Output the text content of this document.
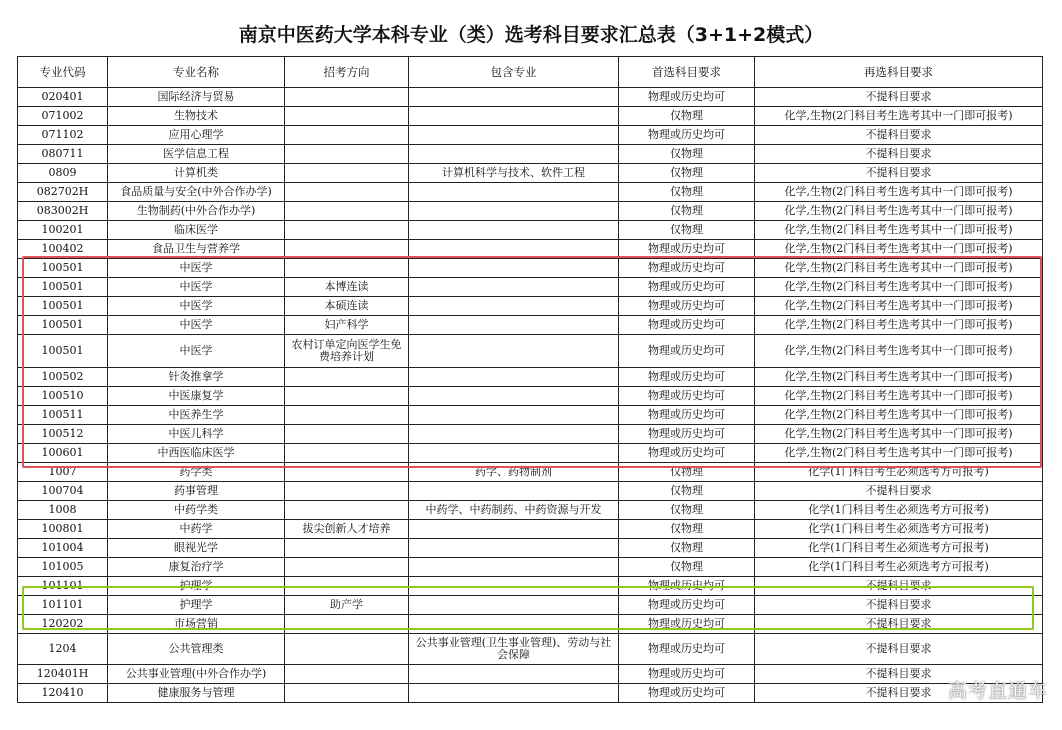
南京中医药大学本科专业（类）选考科目要求汇总表（3+1+2模式）
专业代码	专业名称	招考方向	包含专业	首选科目要求	再选科目要求
020401	国际经济与贸易			物理或历史均可	不提科目要求
071002	生物技术			仅物理	化学,生物(2门科目考生选考其中一门即可报考)
071102	应用心理学			物理或历史均可	不提科目要求
080711	医学信息工程			仅物理	不提科目要求
0809	计算机类		计算机科学与技术、软件工程	仅物理	不提科目要求
082702H	食品质量与安全(中外合作办学)			仅物理	化学,生物(2门科目考生选考其中一门即可报考)
083002H	生物制药(中外合作办学)			仅物理	化学,生物(2门科目考生选考其中一门即可报考)
100201	临床医学			仅物理	化学,生物(2门科目考生选考其中一门即可报考)
100402	食品卫生与营养学			物理或历史均可	化学,生物(2门科目考生选考其中一门即可报考)
100501	中医学			物理或历史均可	化学,生物(2门科目考生选考其中一门即可报考)
100501	中医学	本博连读		物理或历史均可	化学,生物(2门科目考生选考其中一门即可报考)
100501	中医学	本硕连读		物理或历史均可	化学,生物(2门科目考生选考其中一门即可报考)
100501	中医学	妇产科学		物理或历史均可	化学,生物(2门科目考生选考其中一门即可报考)
100501	中医学	农村订单定向医学生免费培养计划		物理或历史均可	化学,生物(2门科目考生选考其中一门即可报考)
100502	针灸推拿学			物理或历史均可	化学,生物(2门科目考生选考其中一门即可报考)
100510	中医康复学			物理或历史均可	化学,生物(2门科目考生选考其中一门即可报考)
100511	中医养生学			物理或历史均可	化学,生物(2门科目考生选考其中一门即可报考)
100512	中医儿科学			物理或历史均可	化学,生物(2门科目考生选考其中一门即可报考)
100601	中西医临床医学			物理或历史均可	化学,生物(2门科目考生选考其中一门即可报考)
1007	药学类		药学、药物制剂	仅物理	化学(1门科目考生必须选考方可报考)
100704	药事管理			仅物理	不提科目要求
1008	中药学类		中药学、中药制药、中药资源与开发	仅物理	化学(1门科目考生必须选考方可报考)
100801	中药学	拔尖创新人才培养		仅物理	化学(1门科目考生必须选考方可报考)
101004	眼视光学			仅物理	化学(1门科目考生必须选考方可报考)
101005	康复治疗学			仅物理	化学(1门科目考生必须选考方可报考)
101101	护理学			物理或历史均可	不提科目要求
101101	护理学	助产学		物理或历史均可	不提科目要求
120202	市场营销			物理或历史均可	不提科目要求
1204	公共管理类		公共事业管理(卫生事业管理)、劳动与社会保障	物理或历史均可	不提科目要求
120401H	公共事业管理(中外合作办学)			物理或历史均可	不提科目要求
120410	健康服务与管理			物理或历史均可	不提科目要求 高考直通车
